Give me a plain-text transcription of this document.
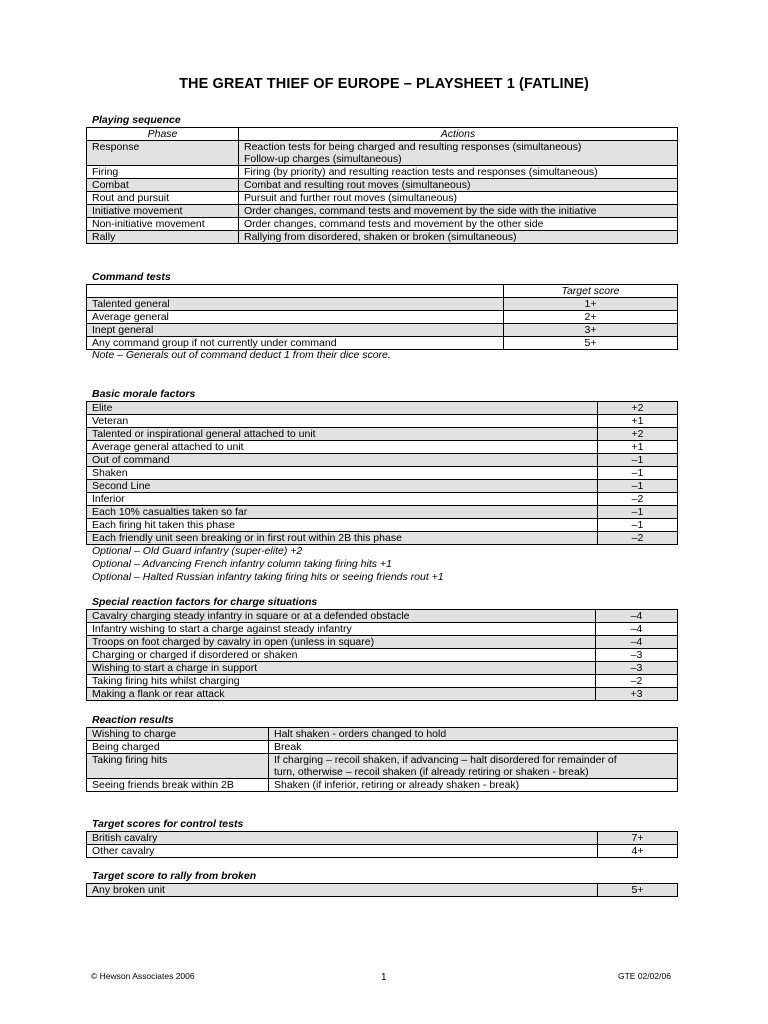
THE GREAT THIEF OF EUROPE – PLAYSHEET 1 (FATLINE)
Playing sequence
Phase	Actions
Response	Reaction tests for being charged and resulting responses (simultaneous)
Follow-up charges (simultaneous)

Firing	Firing (by priority) and resulting reaction tests and responses (simultaneous)
Combat	Combat and resulting rout moves (simultaneous)
Rout and pursuit	Pursuit and further rout moves (simultaneous)
Initiative movement	Order changes, command tests and movement by the side with the initiative
Non-initiative movement	Order changes, command tests and movement by the other side
Rally	Rallying from disordered, shaken or broken (simultaneous)
Command tests
	Target score
Talented general	1+
Average general	2+
Inept general	3+
Any command group if not currently under command	5+
Note – Generals out of command deduct 1 from their dice score.
Basic morale factors
Elite	+2
Veteran	+1
Talented or inspirational general attached to unit	+2
Average general attached to unit	+1
Out of command	–1
Shaken	–1
Second Line	–1
Inferior	–2
Each 10% casualties taken so far	–1
Each firing hit taken this phase	–1
Each friendly unit seen breaking or in first rout within 2B this phase	–2
Optional – Old Guard infantry (super-elite) +2
Optional – Advancing French infantry column taking firing hits +1
Optional – Halted Russian infantry taking firing hits or seeing friends rout +1
Special reaction factors for charge situations
Cavalry charging steady infantry in square or at a defended obstacle	–4
Infantry wishing to start a charge against steady infantry	–4
Troops on foot charged by cavalry in open (unless in square)	–4
Charging or charged if disordered or shaken	–3
Wishing to start a charge in support	–3
Taking firing hits whilst charging	–2
Making a flank or rear attack	+3
Reaction results
Wishing to charge	Halt shaken - orders changed to hold
Being charged	Break
Taking firing hits	If charging – recoil shaken, if advancing – halt disordered for remainder of
turn, otherwise – recoil shaken (if already retiring or shaken - break)

Seeing friends break within 2B	Shaken (if inferior, retiring or already shaken - break)
Target scores for control tests
British cavalry	7+
Other cavalry	4+
Target score to rally from broken
Any broken unit	5+
© Hewson Associates 2006	1	GTE 02/02/06
